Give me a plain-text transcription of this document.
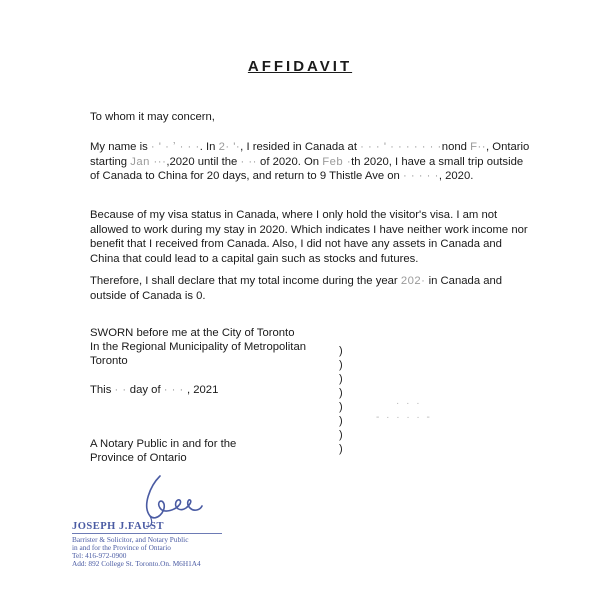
AFFIDAVIT

To whom it may concern,

My name is · ' · ʼ · · ·. In 2· '·, I resided in Canada at · · · ' · · · · · · ·nond F··, Ontario starting Jan ···,2020 until the · ·· of 2020. On Feb ·th 2020, I have a small trip outside of Canada to China for 20 days, and return to 9 Thistle Ave on · · · · ·, 2020.

Because of my visa status in Canada, where I only hold the visitor's visa. I am not allowed to work during my stay in 2020. Which indicates I have neither work income nor benefit that I received from Canada. Also, I did not have any assets in Canada and China that could lead to a capital gain such as stocks and futures.

Therefore, I shall declare that my total income during the year 202· in Canada and outside of Canada is 0.

SWORN before me at the City of Toronto
In the Regional Municipality of Metropolitan
Toronto
This · · day of · · · , 2021
)
)
)
)
)
)
)
)
· · ·
- · · · · -
A Notary Public in and for the
Province of Ontario
JOSEPH J.FAUST
Barrister & Solicitor, and Notary Public
in and for the Province of Ontario
Tel: 416-972-0900
Add: 892 College St. Toronto.On. M6H1A4
